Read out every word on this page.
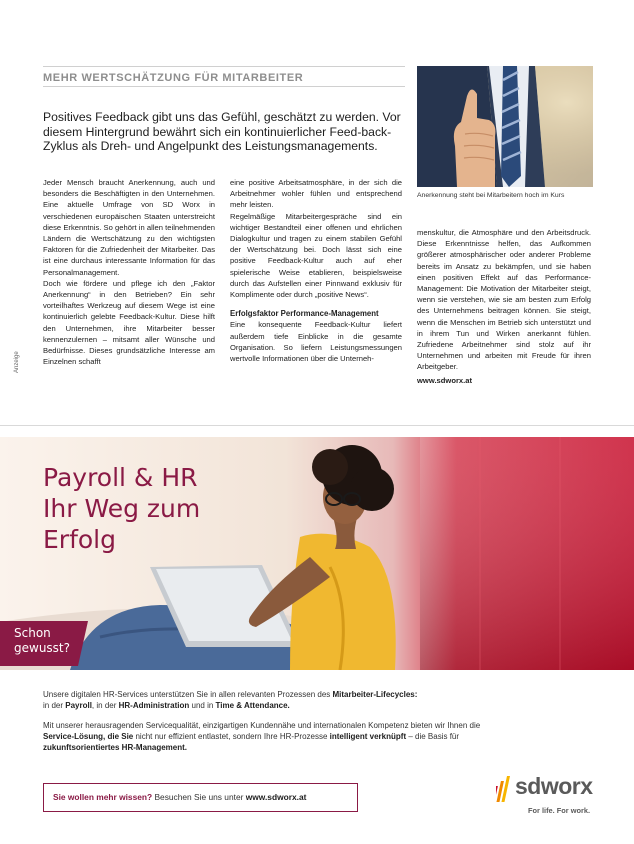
MEHR WERTSCHÄTZUNG FÜR MITARBEITER
Positives Feedback gibt uns das Gefühl, geschätzt zu werden. Vor diesem Hintergrund bewährt sich ein kontinuierlicher Feed-back-Zyklus als Dreh- und Angelpunkt des Leistungsmanagements.

Jeder Mensch braucht Anerkennung, auch und besonders die Beschäftigten in den Unternehmen. Eine aktuelle Umfrage von SD Worx in verschiedenen europäischen Staaten unterstreicht diese Erkenntnis. So gehört in allen teilnehmenden Ländern die Wertschätzung zu den wichtigsten Faktoren für die Zufriedenheit der Mitarbeiter. Das ist eine durchaus interessante Information für das Personalmanagement.

Doch wie fördere und pflege ich den „Faktor Anerkennung“ in den Betrieben? Ein sehr vorteilhaftes Werkzeug auf diesem Wege ist eine kontinuierlich gelebte Feedback-Kultur. Diese hilft den Unternehmen, ihre Mitarbeiter besser kennenzulernen – mitsamt aller Wünsche und Bedürfnisse. Dieses grundsätzliche Interesse am Einzelnen schafft

eine positive Arbeitsatmosphäre, in der sich die Arbeitnehmer wohler fühlen und entsprechend mehr leisten.

Regelmäßige Mitarbeitergespräche sind ein wichtiger Bestandteil einer offenen und ehrlichen Dialogkultur und tragen zu einem stabilen Gefühl der Wertschätzung bei. Doch lässt sich eine positive Feedback-Kultur auch auf eher spielerische Weise etablieren, beispielsweise durch das Aufstellen einer Pinnwand exklusiv für Komplimente oder durch „positive News“.

Erfolgsfaktor Performance-Management

Eine konsequente Feedback-Kultur liefert außerdem tiefe Einblicke in die gesamte Organisation. So liefern Leistungsmessungen wertvolle Informationen über die Unterneh-

menskultur, die Atmosphäre und den Arbeitsdruck. Diese Erkenntnisse helfen, das Aufkommen größerer atmosphärischer oder anderer Probleme bereits im Ansatz zu bekämpfen, und sie haben einen positiven Effekt auf das Performance-Management: Die Motivation der Mitarbeiter steigt, wenn sie verstehen, wie sie am besten zum Erfolg des Unternehmens beitragen können. Sie steigt, wenn die Menschen im Betrieb sich unterstützt und in ihrem Tun und Wirken anerkannt fühlen. Zufriedene Arbeitnehmer sind stolz auf ihr Unternehmen und arbeiten mit Freude für ihren Arbeitgeber.

www.sdworx.at

Anerkennung steht bei Mitarbeitern hoch im Kurs
Anzeige
Payroll & HR
Ihr Weg zum
Erfolg
Schon
gewusst?
Unsere digitalen HR-Services unterstützen Sie in allen relevanten Prozessen des Mitarbeiter-Lifecycles:
in der Payroll, in der HR-Administration und in Time & Attendance.
Mit unserer herausragenden Servicequalität, einzigartigen Kundennähe und internationalen Kompetenz bieten wir Ihnen die Service-Lösung, die Sie nicht nur effizient entlastet, sondern Ihre HR-Prozesse intelligent verknüpft – die Basis für zukunftsorientiertes HR-Management.
Sie wollen mehr wissen? Besuchen Sie uns unter www.sdworx.at	sdworx
For life. For work.
